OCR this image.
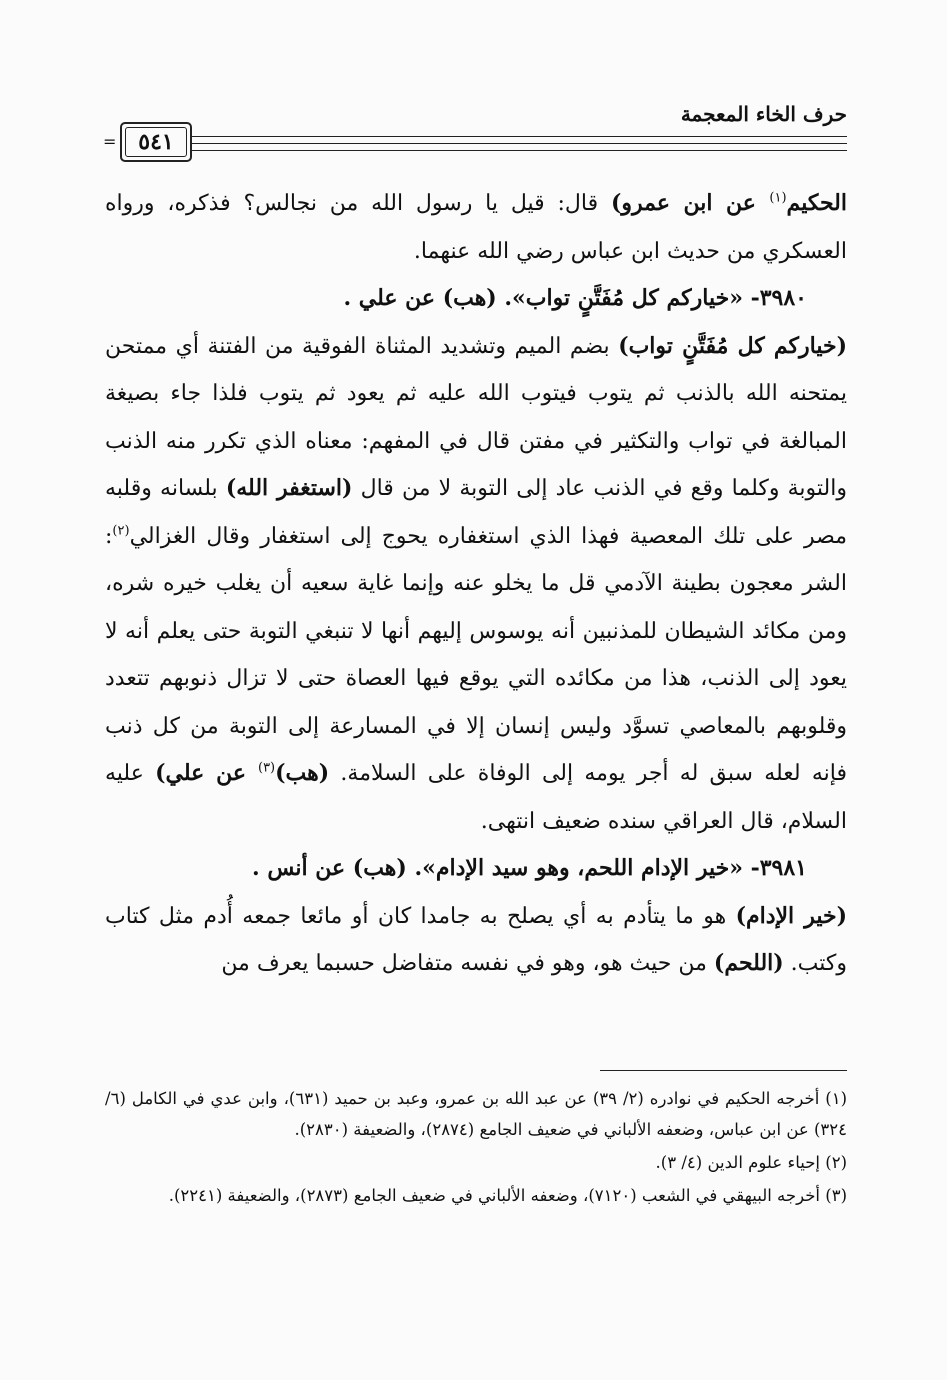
حرف الخاء المعجمة
= ٥٤١

الحكيم$^{(١)}$ عن ابن عمرو) قال: قيل يا رسول الله من نجالس؟ فذكره، ورواه العسكري من حديث ابن عباس رضي الله عنهما.

٣٩٨٠- «خياركم كل مُفَتَّنٍ تواب». (هب) عن علي .

(خياركم كل مُفَتَّنٍ تواب) بضم الميم وتشديد المثناة الفوقية من الفتنة أي ممتحن يمتحنه الله بالذنب ثم يتوب فيتوب الله عليه ثم يعود ثم يتوب فلذا جاء بصيغة المبالغة في تواب والتكثير في مفتن قال في المفهم: معناه الذي تكرر منه الذنب والتوبة وكلما وقع في الذنب عاد إلى التوبة لا من قال (استغفر الله) بلسانه وقلبه مصر على تلك المعصية فهذا الذي استغفاره يحوج إلى استغفار وقال الغزالي$^{(٢)}$: الشر معجون بطينة الآدمي قل ما يخلو عنه وإنما غاية سعيه أن يغلب خيره شره، ومن مكائد الشيطان للمذنبين أنه يوسوس إليهم أنها لا تنبغي التوبة حتى يعلم أنه لا يعود إلى الذنب، هذا من مكائده التي يوقع فيها العصاة حتى لا تزال ذنوبهم تتعدد وقلوبهم بالمعاصي تسوَّد وليس إنسان إلا في المسارعة إلى التوبة من كل ذنب فإنه لعله سبق له أجر يومه إلى الوفاة على السلامة. (هب)$^{(٣)}$ عن علي) عليه السلام، قال العراقي سنده ضعيف انتهى.

٣٩٨١- «خير الإدام اللحم، وهو سيد الإدام». (هب) عن أنس .

(خير الإدام) هو ما يتأدم به أي يصلح به جامدا كان أو مائعا جمعه أُدم مثل كتاب وكتب. (اللحم) من حيث هو، وهو في نفسه متفاضل حسبما يعرف من

(١) أخرجه الحكيم في نوادره (٢/ ٣٩) عن عبد الله بن عمرو، وعبد بن حميد (٦٣١)، وابن عدي في الكامل (٦/ ٣٢٤) عن ابن عباس، وضعفه الألباني في ضعيف الجامع (٢٨٧٤)، والضعيفة (٢٨٣٠).

(٢) إحياء علوم الدين (٤/ ٣).

(٣) أخرجه البيهقي في الشعب (٧١٢٠)، وضعفه الألباني في ضعيف الجامع (٢٨٧٣)، والضعيفة (٢٢٤١).
